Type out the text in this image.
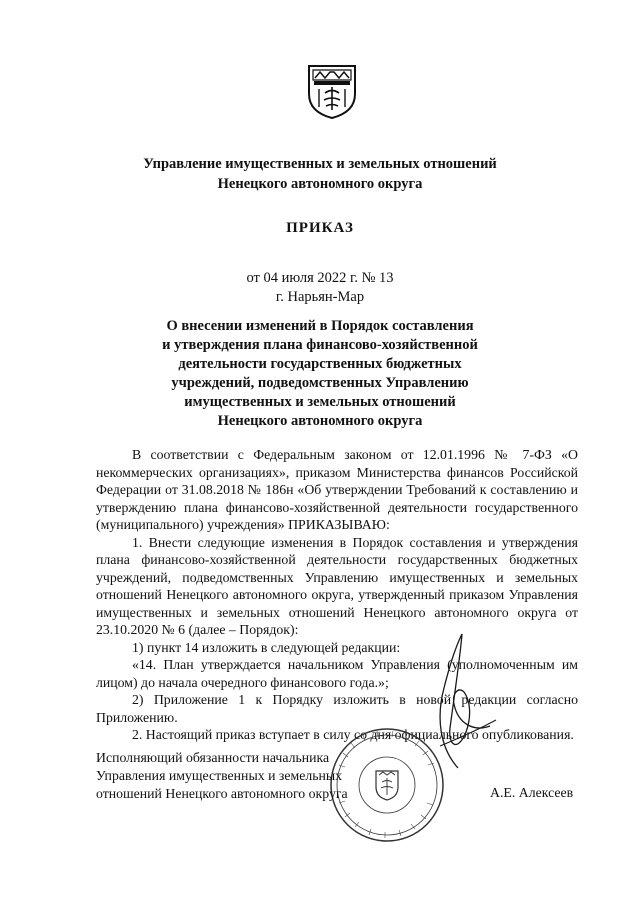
Управление имущественных и земельных отношений
Ненецкого автономного округа
ПРИКАЗ
от 04 июля 2022 г. № 13
г. Нарьян-Мар
О внесении изменений в Порядок составления
и утверждения плана финансово-хозяйственной
деятельности государственных бюджетных
учреждений, подведомственных Управлению
имущественных и земельных отношений
Ненецкого автономного округа

В соответствии с Федеральным законом от 12.01.1996 № 7-ФЗ «О некоммерческих организациях», приказом Министерства финансов Российской Федерации от 31.08.2018 № 186н «Об утверждении Требований к составлению и утверждению плана финансово-хозяйственной деятельности государственного (муниципального) учреждения» ПРИКАЗЫВАЮ:

1. Внести следующие изменения в Порядок составления и утверждения плана финансово-хозяйственной деятельности государственных бюджетных учреждений, подведомственных Управлению имущественных и земельных отношений Ненецкого автономного округа, утвержденный приказом Управления имущественных и земельных отношений Ненецкого автономного округа от 23.10.2020 № 6 (далее – Порядок):

1) пункт 14 изложить в следующей редакции:

«14. План утверждается начальником Управления (уполномоченным им лицом) до начала очередного финансового года.»;

2) Приложение 1 к Порядку изложить в новой редакции согласно Приложению.

2. Настоящий приказ вступает в силу со дня официального опубликования.

Исполняющий обязанности начальника
Управления имущественных и земельных
отношений Ненецкого автономного округа	А.Е. Алексеев
